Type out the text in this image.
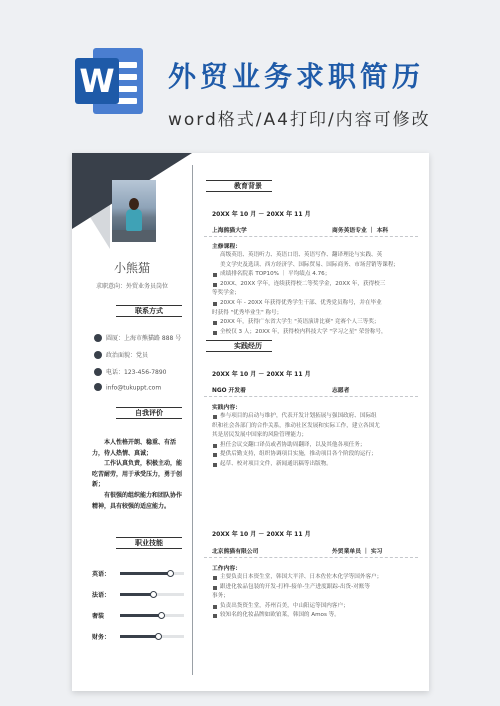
W 外贸业务求职简历
word格式/A4打印/内容可修改
小熊猫
求职意向：外贸业务员岗位
联系方式
圆厦：上海市熊猫路 888 号
政治面貌：党员
电话：123-456-7890
info@tukuppt.com
自我评价

本人性格开朗、稳重、有活力，待人热情、真诚；

工作认真负责，积极主动，能吃苦耐劳，用于承受压力，勇于创新；

有很强的组织能力和团队协作精神，具有较强的适应能力。

职业技能
英语：
法语：
奢装
财务：
教育背景
20XX 年 10 月 － 20XX 年 11 月
上海熊猫大学	商务英语专业 ｜ 本科
主修课程：
高级英语、英语听力、英语口语、英语写作、翻译理论与实践、英
美文学史及选读、西方经济学、国际贸易、国际商务、市场营销等课程；
成绩排名院系 TOP10% ｜ 平均绩点 4.76；
20XX、20XX 学年，连续获得校二等奖学金，20XX 年，获得校三
等奖学金；
20XX 年 - 20XX 年获得优秀学生干部、优秀党员称号，并在毕业
时获得 "优秀毕业生" 称号；
20XX 年，获得广东省大学生 "英语演讲比赛" 竞赛个人三等奖；
全校仅 3 人；20XX 年，获得校内科技大学 "学习之星" 荣誉称号，
实践经历
20XX 年 10 月 － 20XX 年 11 月
NGO 开发着	志愿者
实践内容：
参与项目的启动与维护，代表开发计划拓展与强国政府、国际组
织和社会各部门的合作关系，推动社区发展和实际工作，建立各国尤
其是居民发展中国家的风险管理能力；
担任会议交翻口译员或者协助周翻译，以及其他各项任务；
提供后勤支持，组织协调项目实施，推动项目各个阶段的运行；
起草、校对项目文件，新闻通讯稿等出版物。
20XX 年 10 月 － 20XX 年 11 月
北京熊猫有限公司	外贸業单员 ｜ 实习
工作内容：
主要负责日本资生堂，韩国大平洋、日本佐佐木化学等国外客户；
跟进化妆品包装的开发-打样-接单-生产进度跟踪-出货-对账等
事务；
负责出货资生堂，苏州百美，中山阳运等国内客户；
较知名的化妆品牌如欧铂莱，韩国的 Amos 等。
